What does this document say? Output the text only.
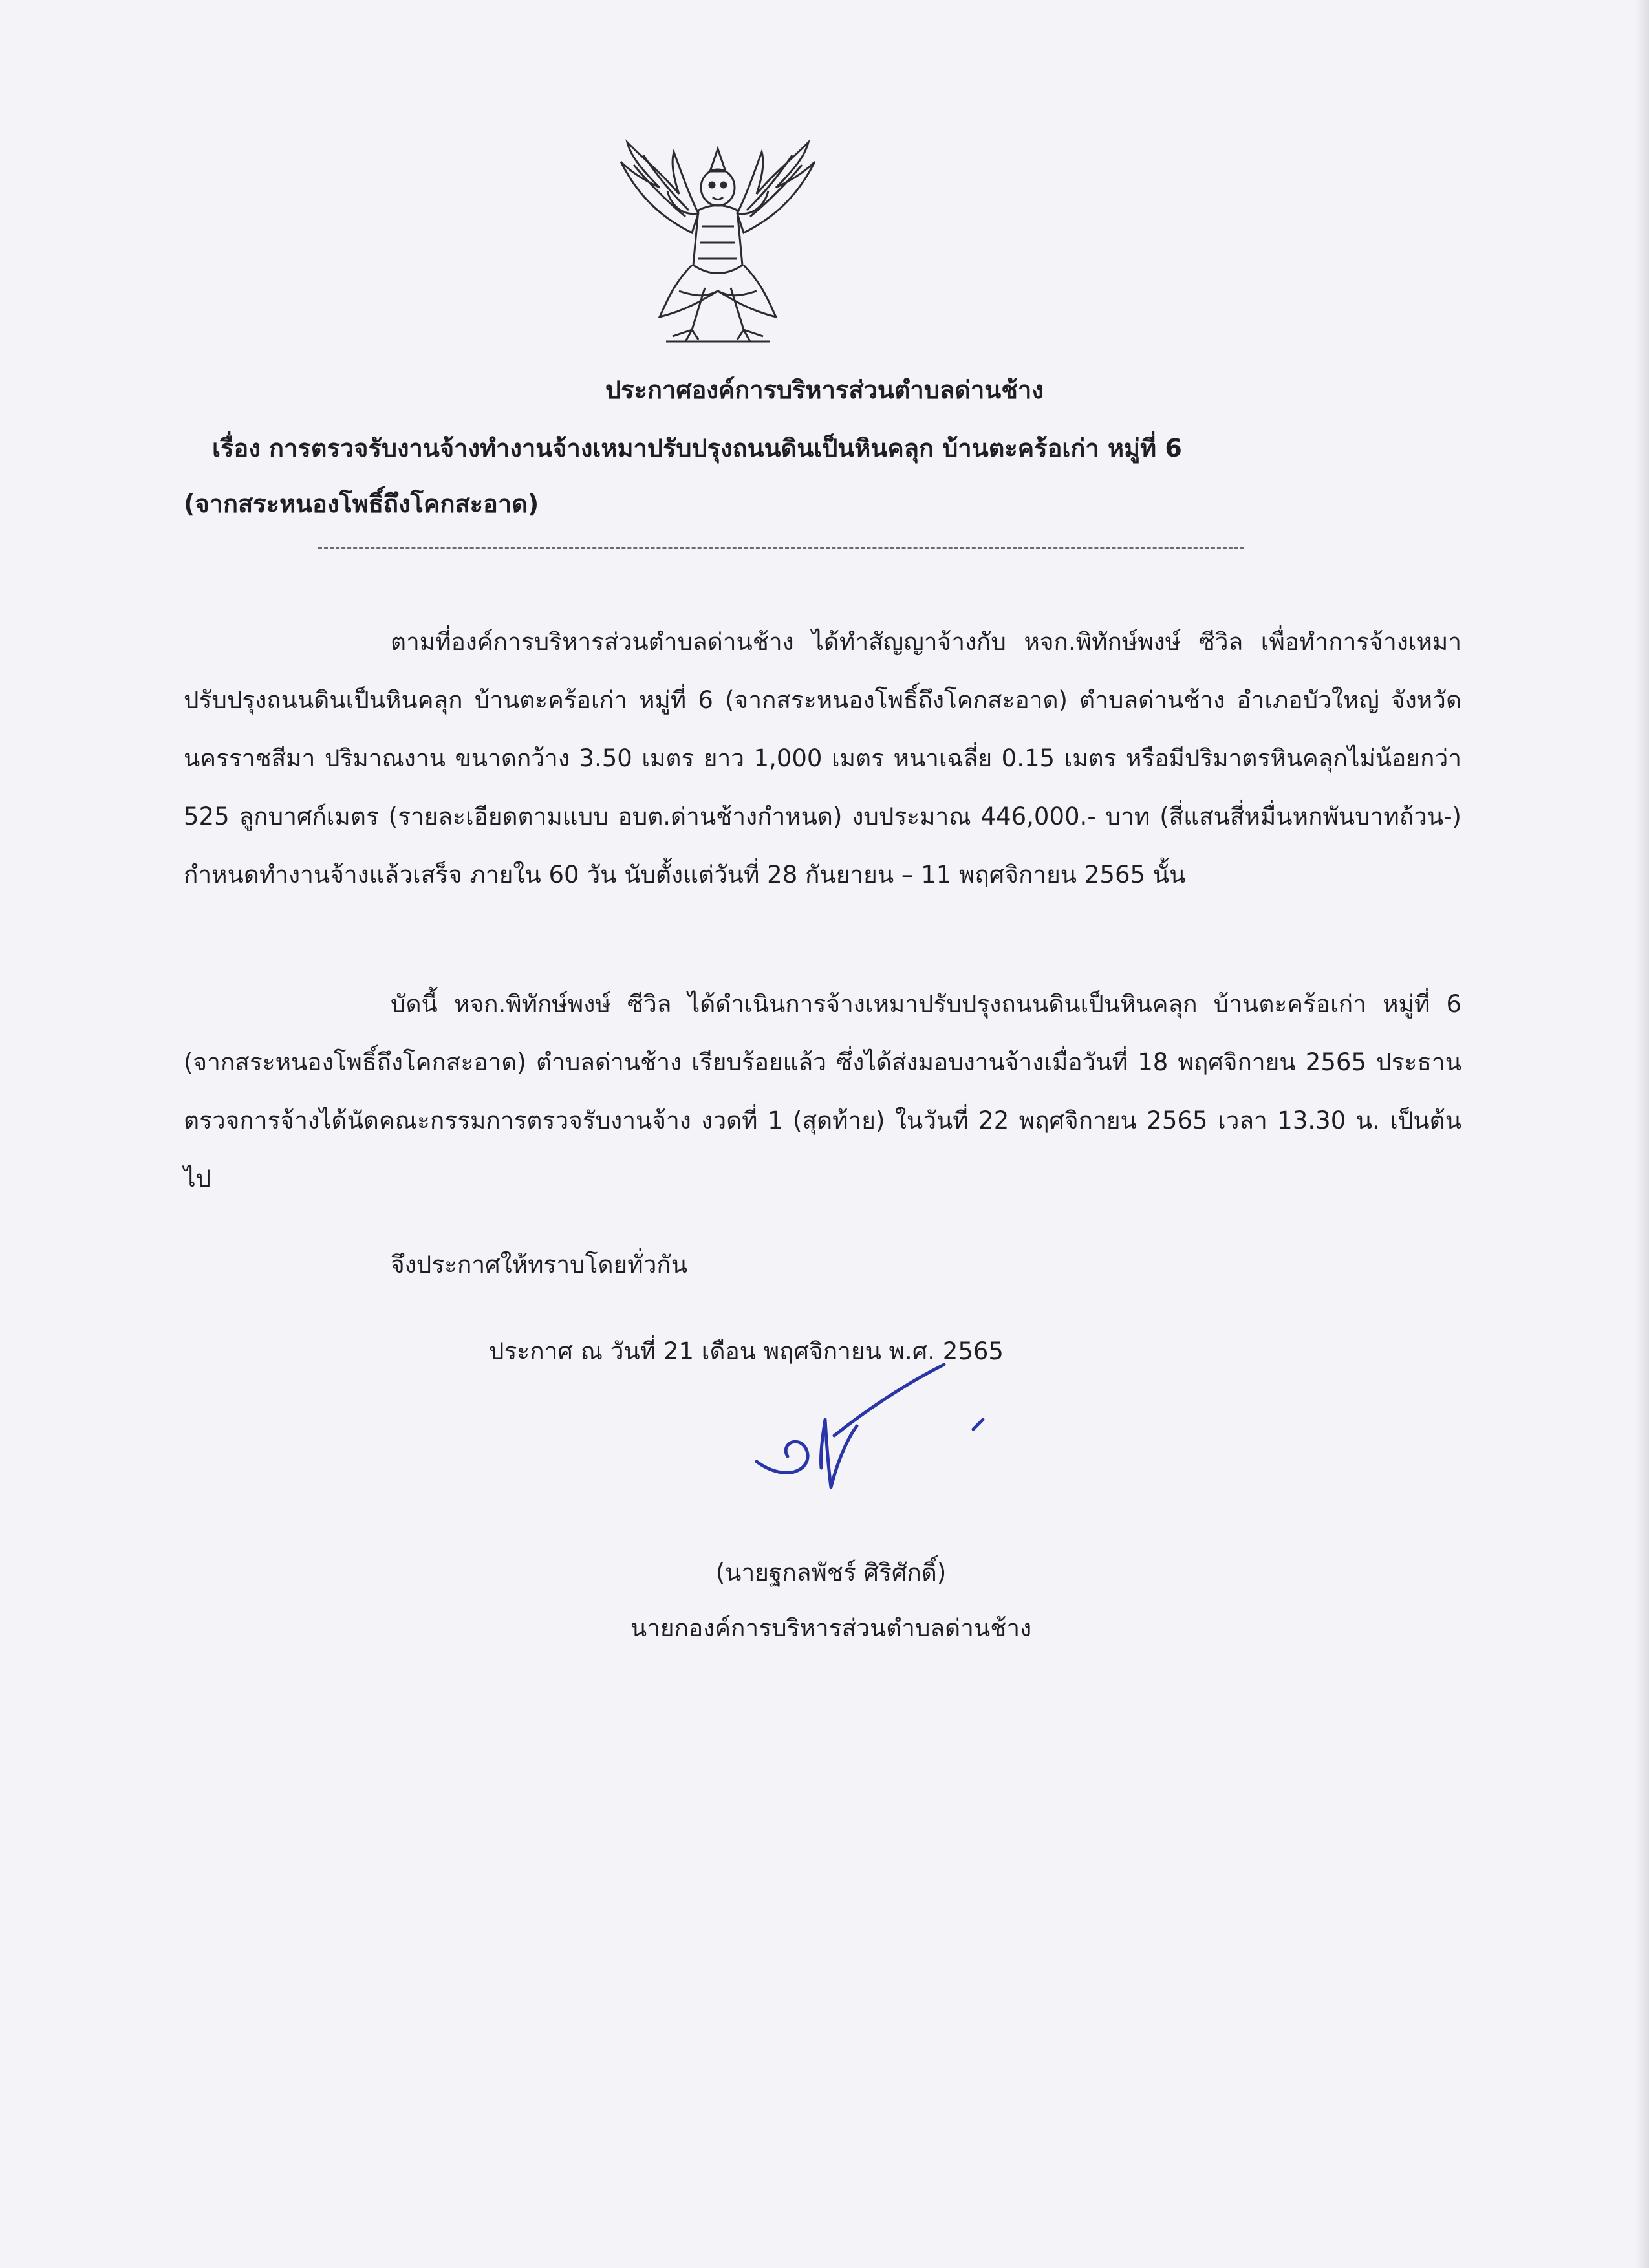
ประกาศองค์การบริหารส่วนตำบลด่านช้าง
เรื่อง การตรวจรับงานจ้างทำงานจ้างเหมาปรับปรุงถนนดินเป็นหินคลุก บ้านตะคร้อเก่า หมู่ที่ 6
(จากสระหนองโพธิ์ถึงโคกสะอาด)
ตามที่องค์การบริหารส่วนตำบลด่านช้าง ได้ทำสัญญาจ้างกับ หจก.พิทักษ์พงษ์ ซีวิล เพื่อทำการจ้างเหมาปรับปรุงถนนดินเป็นหินคลุก บ้านตะคร้อเก่า หมู่ที่ 6 (จากสระหนองโพธิ์ถึงโคกสะอาด) ตำบลด่านช้าง อำเภอบัวใหญ่ จังหวัดนครราชสีมา ปริมาณงาน ขนาดกว้าง 3.50 เมตร ยาว 1,000 เมตร หนาเฉลี่ย 0.15 เมตร หรือมีปริมาตรหินคลุกไม่น้อยกว่า 525 ลูกบาศก์เมตร (รายละเอียดตามแบบ อบต.ด่านช้างกำหนด) งบประมาณ 446,000.- บาท (สี่แสนสี่หมื่นหกพันบาทถ้วน-) กำหนดทำงานจ้างแล้วเสร็จ ภายใน 60 วัน นับตั้งแต่วันที่ 28 กันยายน – 11 พฤศจิกายน 2565 นั้น
บัดนี้ หจก.พิทักษ์พงษ์ ซีวิล ได้ดำเนินการจ้างเหมาปรับปรุงถนนดินเป็นหินคลุก บ้านตะคร้อเก่า หมู่ที่ 6 (จากสระหนองโพธิ์ถึงโคกสะอาด) ตำบลด่านช้าง เรียบร้อยแล้ว ซึ่งได้ส่งมอบงานจ้างเมื่อวันที่ 18 พฤศจิกายน 2565 ประธานตรวจการจ้างได้นัดคณะกรรมการตรวจรับงานจ้าง งวดที่ 1 (สุดท้าย) ในวันที่ 22 พฤศจิกายน 2565 เวลา 13.30 น. เป็นต้นไป
จึงประกาศให้ทราบโดยทั่วกัน
ประกาศ ณ วันที่ 21 เดือน พฤศจิกายน พ.ศ. 2565
(นายฐกลพัชร์ ศิริศักดิ์)
นายกองค์การบริหารส่วนตำบลด่านช้าง
